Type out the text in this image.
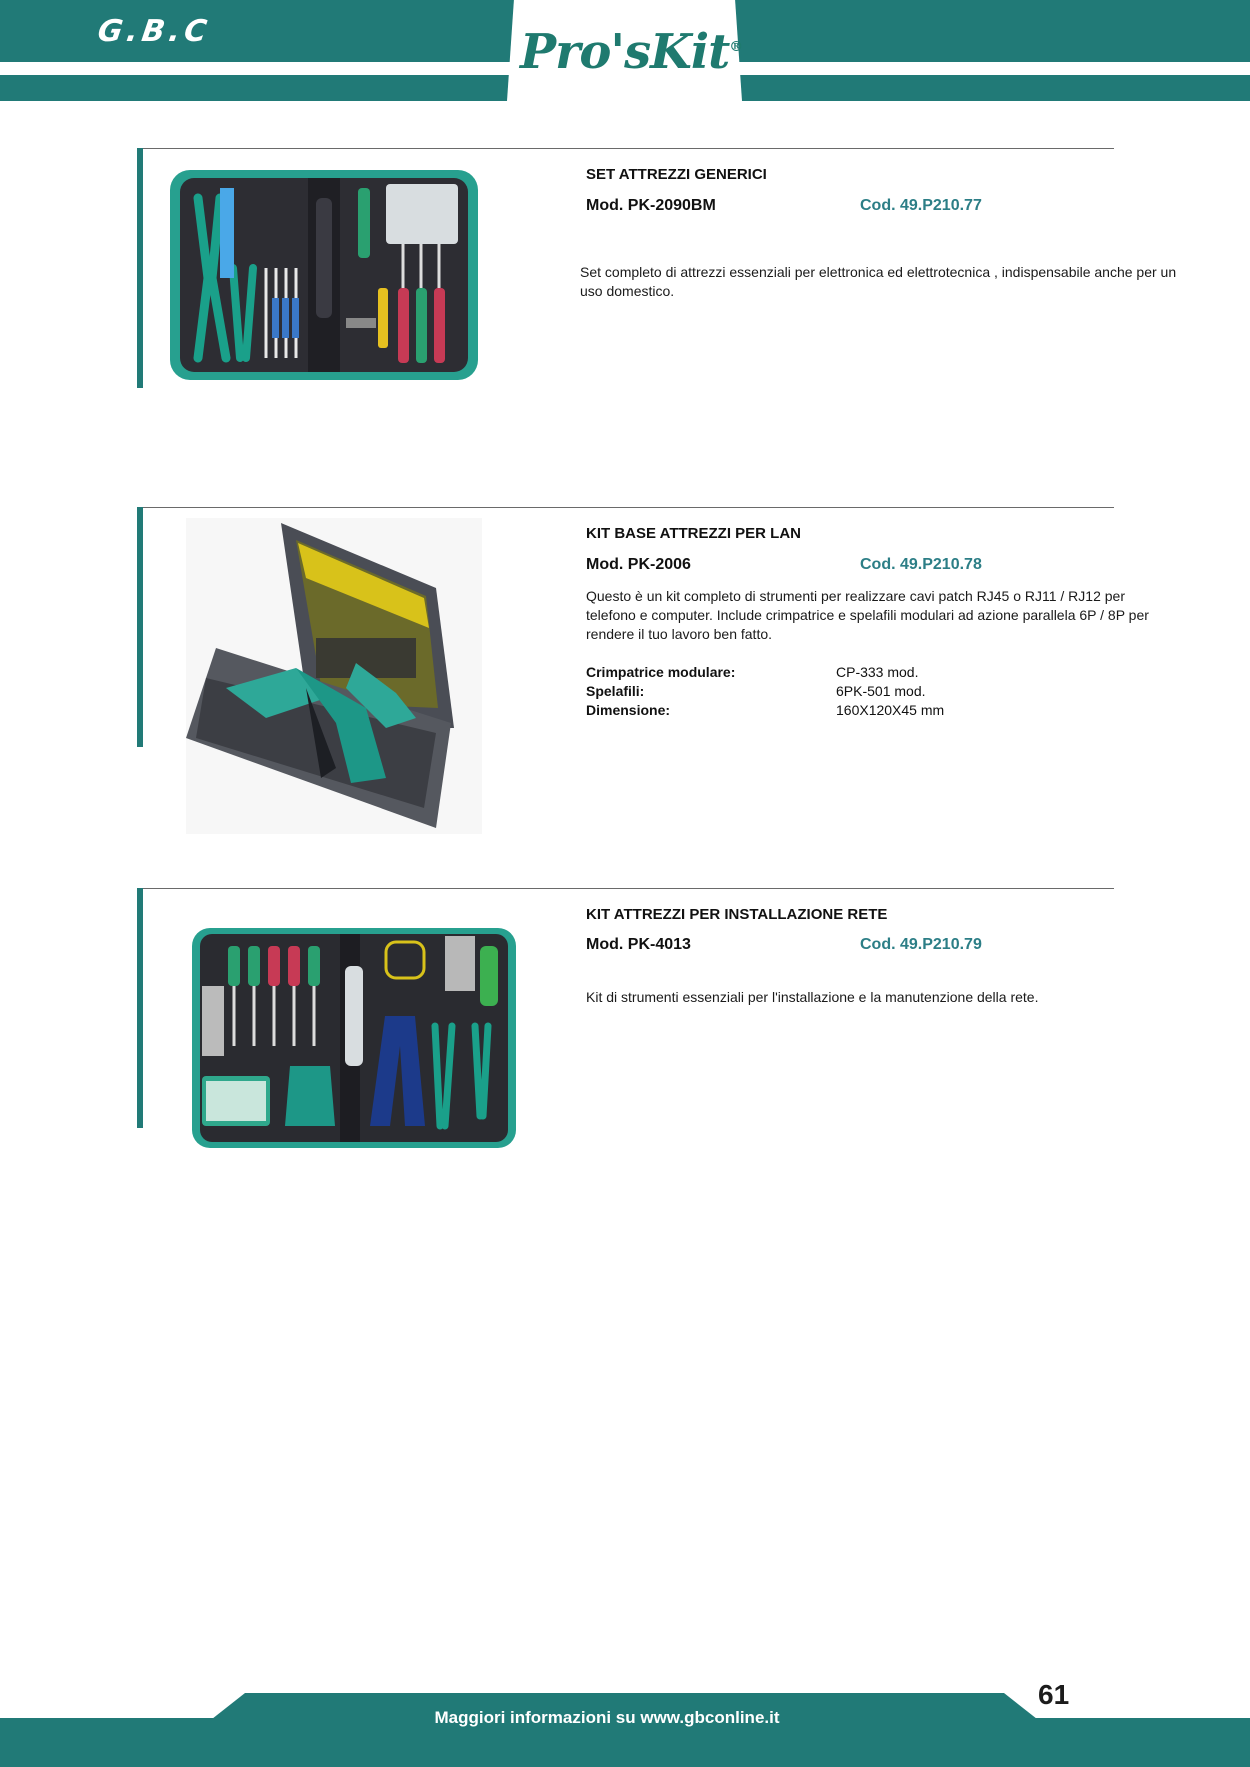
G.B.C	Pro'sKit®
SET ATTREZZI GENERICI
Mod. PK-2090BM	Cod. 49.P210.77
Set completo di attrezzi essenziali per elettronica ed elettrotecnica , indispensabile anche per un uso domestico.
KIT BASE ATTREZZI PER LAN
Mod. PK-2006	Cod. 49.P210.78
Questo è un kit completo di strumenti per realizzare cavi patch RJ45 o RJ11 / RJ12 per telefono e computer. Include crimpatrice e spelafili modulari ad azione parallela 6P / 8P per rendere il tuo lavoro ben fatto.
Crimpatrice modulare:	CP-333 mod.
Spelafili:	6PK-501 mod.
Dimensione:	160X120X45 mm
KIT ATTREZZI PER INSTALLAZIONE RETE
Mod. PK-4013	Cod. 49.P210.79
Kit di strumenti essenziali per l'installazione e la manutenzione della rete.
Maggiori informazioni su www.gbconline.it
61
